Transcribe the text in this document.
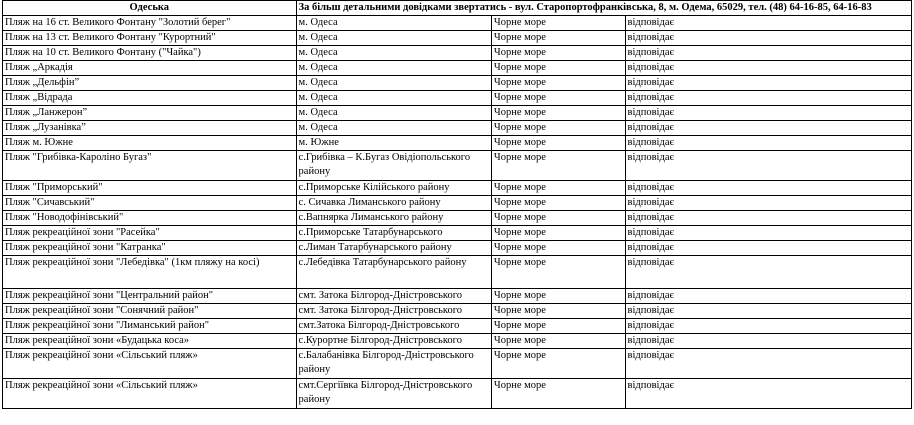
Одеська	За більш детальними довідками звертатись - вул. Старопортофранківська, 8, м. Одема, 65029, тел. (48) 64-16-85, 64-16-83		
Пляж на 16 ст. Великого Фонтану "Золотий берег"	м. Одеса	Чорне море	відповідає
Пляж на 13 ст. Великого Фонтану "Курортний"	м. Одеса	Чорне море	відповідає
Пляж на 10 ст. Великого Фонтану ("Чайка")	м. Одеса	Чорне море	відповідає
Пляж „Аркадія	м. Одеса	Чорне море	відповідає
Пляж „Дельфін”	м. Одеса	Чорне море	відповідає
Пляж „Відрада	м. Одеса	Чорне море	відповідає
Пляж „Ланжерон”	м. Одеса	Чорне море	відповідає
Пляж „Лузанівка”	м. Одеса	Чорне море	відповідає
Пляж м. Южне	м. Южне	Чорне море	відповідає
Пляж "Грибівка-Кароліно Бугаз"	с.Грибівка – К.Бугаз Овідіопольського району	Чорне море	відповідає
Пляж "Приморський"	с.Приморське Кілійського району	Чорне море	відповідає
Пляж "Сичавський"	с. Сичавка Лиманського району	Чорне море	відповідає
Пляж "Новодофінівський"	с.Вапнярка Лиманського району	Чорне море	відповідає
Пляж рекреаційної зони "Расейка"	с.Приморське Татарбунарського	Чорне море	відповідає
Пляж рекреаційної зони "Катранка"	с.Лиман Татарбунарського району	Чорне море	відповідає
Пляж рекреаційної зони "Лебедівка" (1км пляжу на косі)	с.Лебедівка Татарбунарського району	Чорне море	відповідає
Пляж рекреаційної зони "Центральний район"	смт. Затока Білгород-Дністровського	Чорне море	відповідає
Пляж рекреаційної зони "Сонячний район"	смт. Затока Білгород-Дністровського	Чорне море	відповідає
Пляж рекреаційної зони "Лиманський район"	смт.Затока Білгород-Дністровського	Чорне море	відповідає
Пляж рекреаційної зони «Будацька коса»	с.Курортне Білгород-Дністровського	Чорне море	відповідає
Пляж рекреаційної зони «Сільський пляж»	с.Балабанівка Білгород-Дністровського району	Чорне море	відповідає
Пляж рекреаційної зони «Сільський пляж»	смт.Сергіївка Білгород-Дністровського району	Чорне море	відповідає
